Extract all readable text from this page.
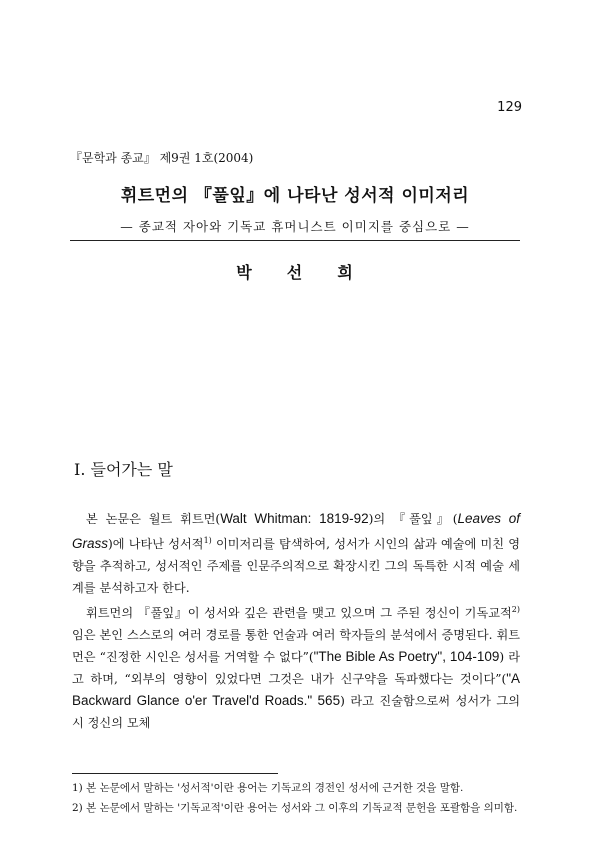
129
『문학과 종교』 제9권 1호(2004)
휘트먼의 『풀잎』에 나타난 성서적 이미저리
— 종교적 자아와 기독교 휴머니스트 이미지를 중심으로 —
박 선 희
I. 들어가는 말

본 논문은 월트 휘트먼(Walt Whitman: 1819-92)의 『풀잎』(Leaves of Grass)에 나타난 성서적$^{1)}$ 이미저리를 탐색하여, 성서가 시인의 삶과 예술에 미친 영향을 추적하고, 성서적인 주제를 인문주의적으로 확장시킨 그의 독특한 시적 예술 세계를 분석하고자 한다.

휘트먼의 『풀잎』이 성서와 깊은 관련을 맺고 있으며 그 주된 정신이 기독교적$^{2)}$ 임은 본인 스스로의 여러 경로를 통한 언술과 여러 학자들의 분석에서 증명된다. 휘트먼은 “진정한 시인은 성서를 거역할 수 없다”("The Bible As Poetry", 104-109) 라고 하며, “외부의 영향이 있었다면 그것은 내가 신구약을 독파했다는 것이다”("A Backward Glance o'er Travel'd Roads." 565) 라고 진술함으로써 성서가 그의 시 정신의 모체

1) 본 논문에서 말하는 '성서적'이란 용어는 기독교의 경전인 성서에 근거한 것을 말함.

2) 본 논문에서 말하는 '기독교적'이란 용어는 성서와 그 이후의 기독교적 문헌을 포괄함을 의미함.
